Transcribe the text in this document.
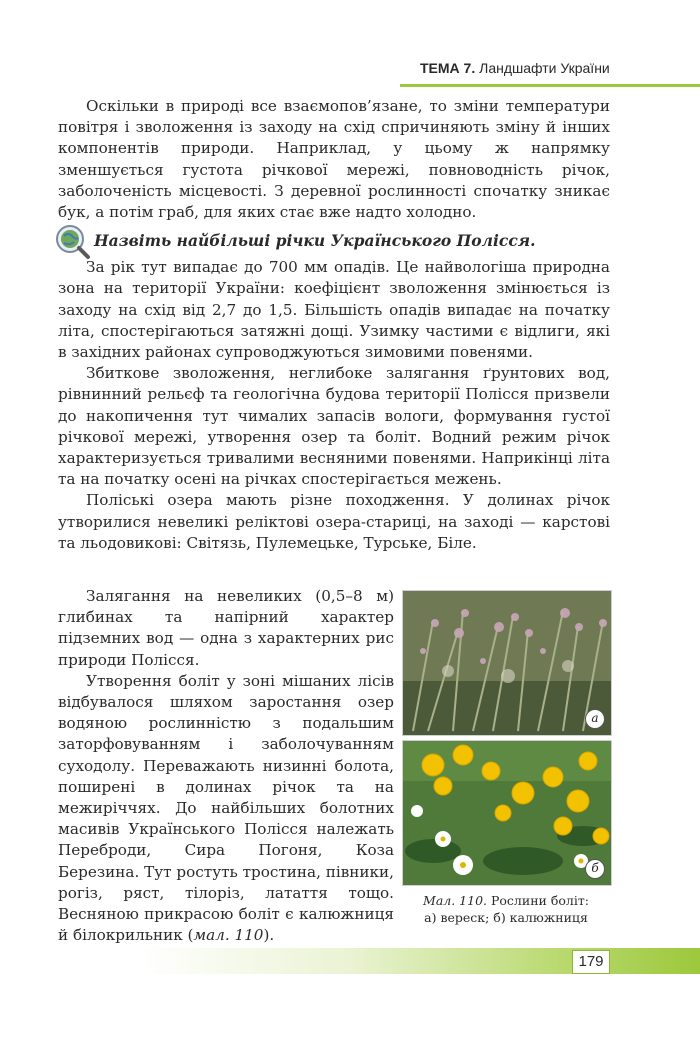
ТЕМА 7. Ландшафти України

Оскільки в природі все взаємопов’язане, то зміни температури повітря і зволоження із заходу на схід спричиняють зміну й інших компонентів природи. Наприклад, у цьому ж напрямку зменшується густота річкової мережі, повноводність річок, заболоченість місцевості. З деревної рослинності спочатку зникає бук, а потім граб, для яких стає вже надто холодно.

Назвіть найбільші річки Українського Полісся.

За рік тут випадає до 700 мм опадів. Це найвологіша природна зона на території України: коефіцієнт зволоження змінюється із заходу на схід від 2,7 до 1,5. Більшість опадів випадає на початку літа, спостерігаються затяжні дощі. Узимку частими є відлиги, які в західних районах супроводжуються зимовими повенями.

Збиткове зволоження, неглибоке залягання ґрунтових вод, рівнинний рельєф та геологічна будова території Полісся призвели до накопичення тут чималих запасів вологи, формування густої річкової мережі, утворення озер та боліт. Водний режим річок характеризується тривалими весняними повенями. Наприкінці літа та на початку осені на річках спостерігається межень.

Поліські озера мають різне походження. У долинах річок утворилися невеликі реліктові озера-стариці, на заході — карстові та льодовикові: Світязь, Пулемецьке, Турське, Біле.

Залягання на невеликих (0,5–8 м) глибинах та напірний характер підземних вод — одна з характерних рис природи Полісся.

Утворення боліт у зоні мішаних лісів відбувалося шляхом заростання озер водяною рослинністю з подальшим заторфовуванням і заболочуванням суходолу. Переважають низинні болота, поширені в долинах річок та на межиріччях. До найбільших болотних масивів Українського Полісся належать Переброди, Сира Погоня, Коза Березина. Тут ростуть тростина, півники, рогіз, ряст, тілоріз, латаття тощо. Весняною прикрасою боліт є калюжниця й білокрильник (мал. 110).

а
б
Мал. 110. Рослини боліт:
а) вереск; б) калюжниця
179
